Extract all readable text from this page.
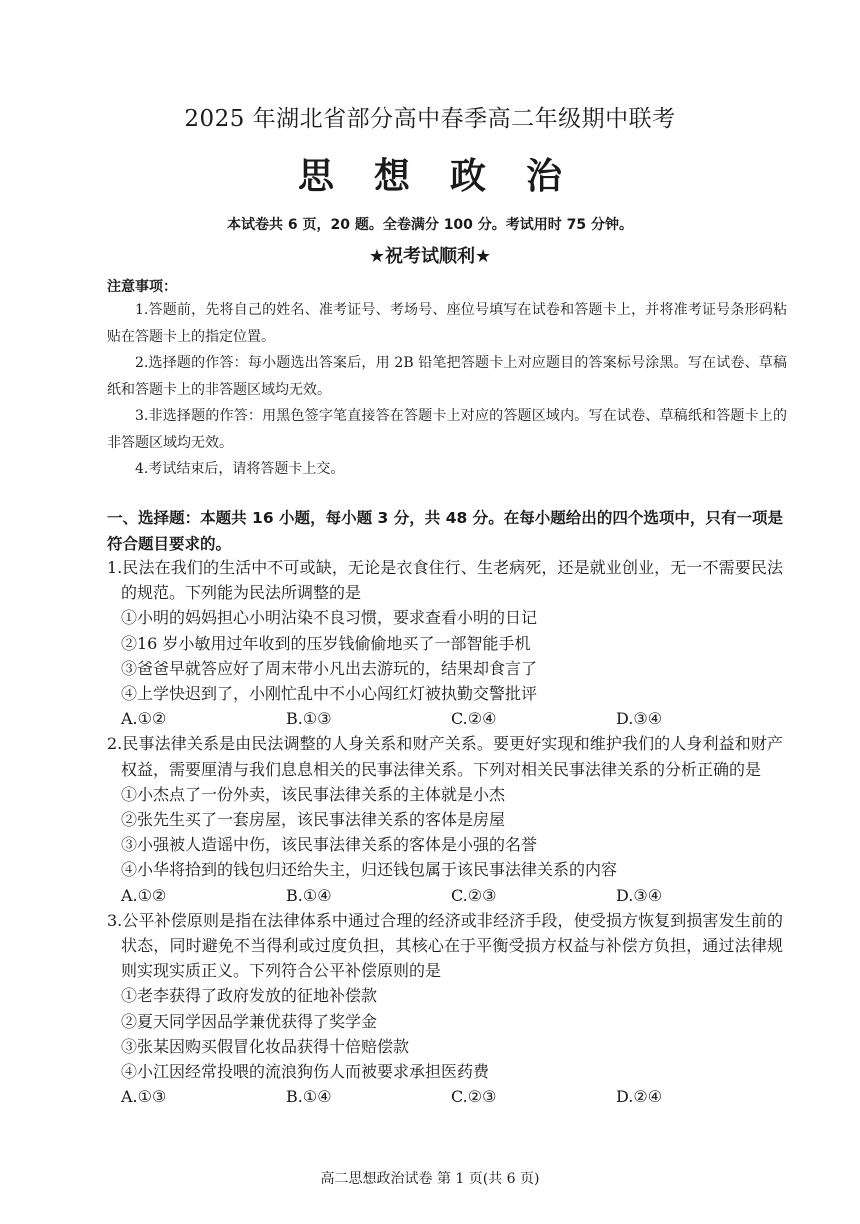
2025 年湖北省部分高中春季高二年级期中联考
思想政治
本试卷共 6 页，20 题。全卷满分 100 分。考试用时 75 分钟。
★祝考试顺利★
注意事项：

1.答题前，先将自己的姓名、准考证号、考场号、座位号填写在试卷和答题卡上，并将准考证号条形码粘贴在答题卡上的指定位置。

2.选择题的作答：每小题选出答案后，用 2B 铅笔把答题卡上对应题目的答案标号涂黑。写在试卷、草稿纸和答题卡上的非答题区域均无效。

3.非选择题的作答：用黑色签字笔直接答在答题卡上对应的答题区域内。写在试卷、草稿纸和答题卡上的非答题区域均无效。

4.考试结束后，请将答题卡上交。

一、选择题：本题共 16 小题，每小题 3 分，共 48 分。在每小题给出的四个选项中，只有一项是符合题目要求的。

1.民法在我们的生活中不可或缺，无论是衣食住行、生老病死，还是就业创业，无一不需要民法的规范。下列能为民法所调整的是

①小明的妈妈担心小明沾染不良习惯，要求查看小明的日记

②16 岁小敏用过年收到的压岁钱偷偷地买了一部智能手机

③爸爸早就答应好了周末带小凡出去游玩的，结果却食言了

④上学快迟到了，小刚忙乱中不小心闯红灯被执勤交警批评

A.①②	B.①③	C.②④	D.③④

2.民事法律关系是由民法调整的人身关系和财产关系。要更好实现和维护我们的人身利益和财产权益，需要厘清与我们息息相关的民事法律关系。下列对相关民事法律关系的分析正确的是

①小杰点了一份外卖，该民事法律关系的主体就是小杰

②张先生买了一套房屋，该民事法律关系的客体是房屋

③小强被人造谣中伤，该民事法律关系的客体是小强的名誉

④小华将拾到的钱包归还给失主，归还钱包属于该民事法律关系的内容

A.①②	B.①④	C.②③	D.③④

3.公平补偿原则是指在法律体系中通过合理的经济或非经济手段，使受损方恢复到损害发生前的状态，同时避免不当得利或过度负担，其核心在于平衡受损方权益与补偿方负担，通过法律规则实现实质正义。下列符合公平补偿原则的是

①老李获得了政府发放的征地补偿款

②夏天同学因品学兼优获得了奖学金

③张某因购买假冒化妆品获得十倍赔偿款

④小江因经常投喂的流浪狗伤人而被要求承担医药费

A.①③	B.①④	C.②③	D.②④
高二思想政治试卷 第 1 页(共 6 页)
